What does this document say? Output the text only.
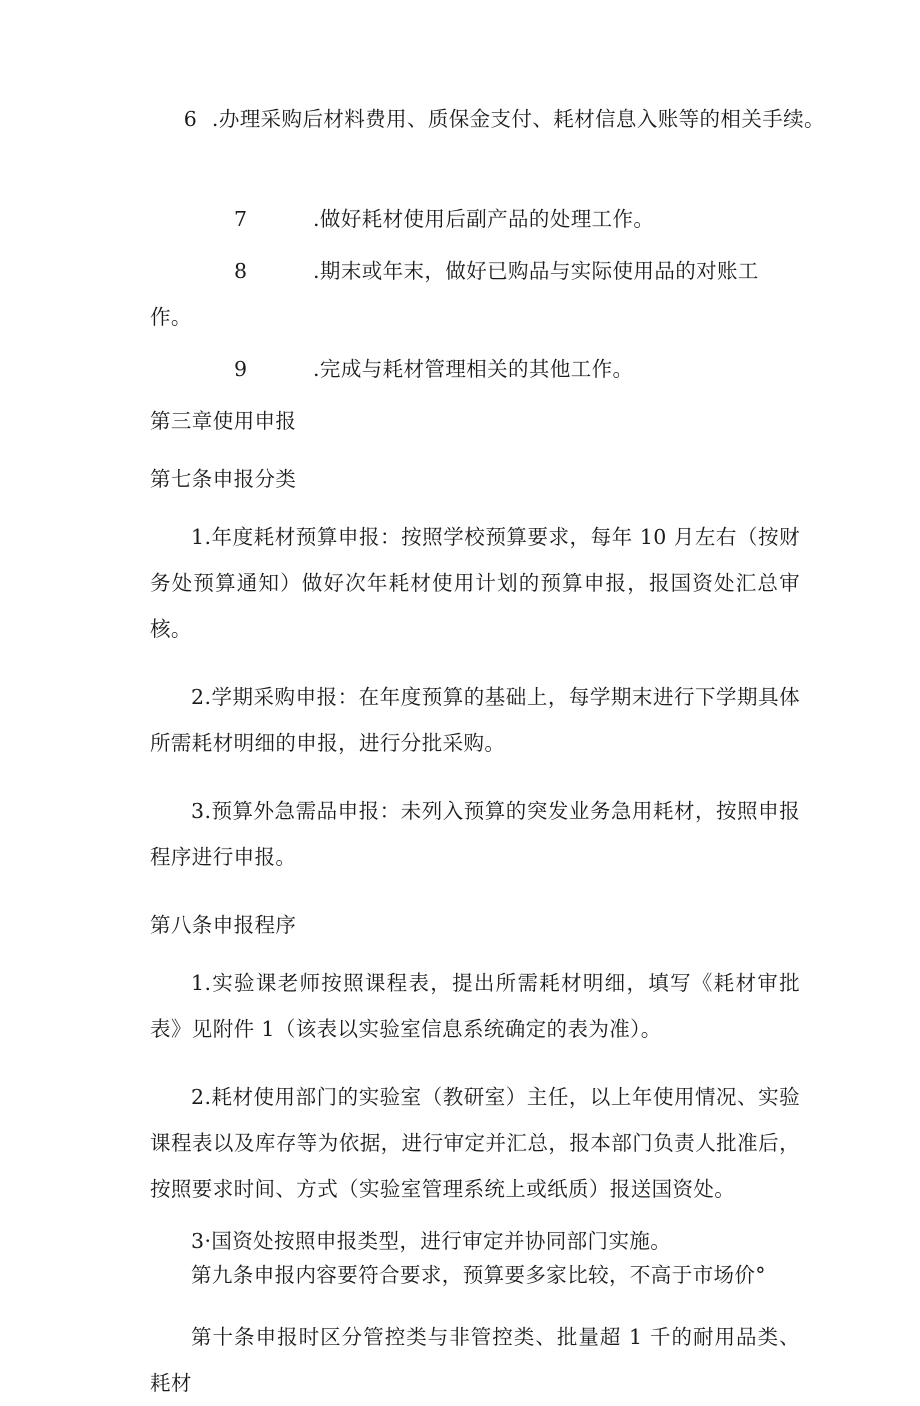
6 .办理采购后材料费用、质保金支付、耗材信息入账等的相关手续。

7	.做好耗材使用后副产品的处理工作。

8	.期末或年末，做好已购品与实际使用品的对账工作。

9	.完成与耗材管理相关的其他工作。

第三章使用申报

第七条申报分类

1.年度耗材预算申报：按照学校预算要求，每年 10 月左右（按财务处预算通知）做好次年耗材使用计划的预算申报，报国资处汇总审核。

2.学期采购申报：在年度预算的基础上，每学期末进行下学期具体所需耗材明细的申报，进行分批采购。

3.预算外急需品申报：未列入预算的突发业务急用耗材，按照申报程序进行申报。

第八条申报程序

1.实验课老师按照课程表，提出所需耗材明细，填写《耗材审批表》见附件 1（该表以实验室信息系统确定的表为准）。

2.耗材使用部门的实验室（教研室）主任，以上年使用情况、实验课程表以及库存等为依据，进行审定并汇总，报本部门负责人批准后，按照要求时间、方式（实验室管理系统上或纸质）报送国资处。

3·国资处按照申报类型，进行审定并协同部门实施。

第九条申报内容要符合要求，预算要多家比较，不高于市场价°

第十条申报时区分管控类与非管控类、批量超 1 千的耐用品类、耗材
